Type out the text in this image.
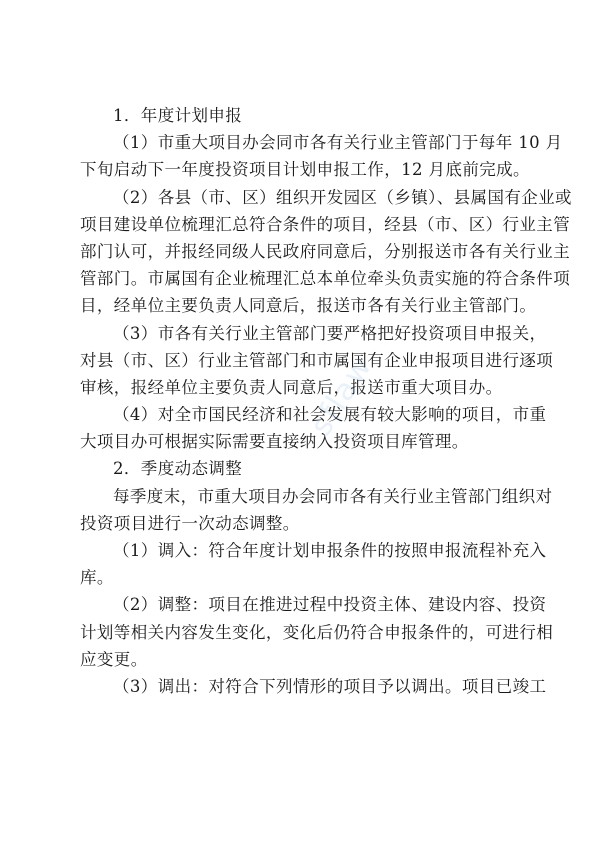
1．年度计划申报
（1）市重大项目办会同市各有关行业主管部门于每年 10 月
下旬启动下一年度投资项目计划申报工作，12 月底前完成。
（2）各县（市、区）组织开发园区（乡镇）、县属国有企业或
项目建设单位梳理汇总符合条件的项目，经县（市、区）行业主管
部门认可，并报经同级人民政府同意后，分别报送市各有关行业主
管部门。市属国有企业梳理汇总本单位牵头负责实施的符合条件项
目，经单位主要负责人同意后，报送市各有关行业主管部门。
（3）市各有关行业主管部门要严格把好投资项目申报关，
对县（市、区）行业主管部门和市属国有企业申报项目进行逐项
审核，报经单位主要负责人同意后，报送市重大项目办。
（4）对全市国民经济和社会发展有较大影响的项目，市重
大项目办可根据实际需要直接纳入投资项目库管理。
2．季度动态调整
每季度末，市重大项目办会同市各有关行业主管部门组织对
投资项目进行一次动态调整。
（1）调入：符合年度计划申报条件的按照申报流程补充入
库。
（2）调整：项目在推进过程中投资主体、建设内容、投资
计划等相关内容发生变化，变化后仍符合申报条件的，可进行相
应变更。
（3）调出：对符合下列情形的项目予以调出。项目已竣工
sflaw
